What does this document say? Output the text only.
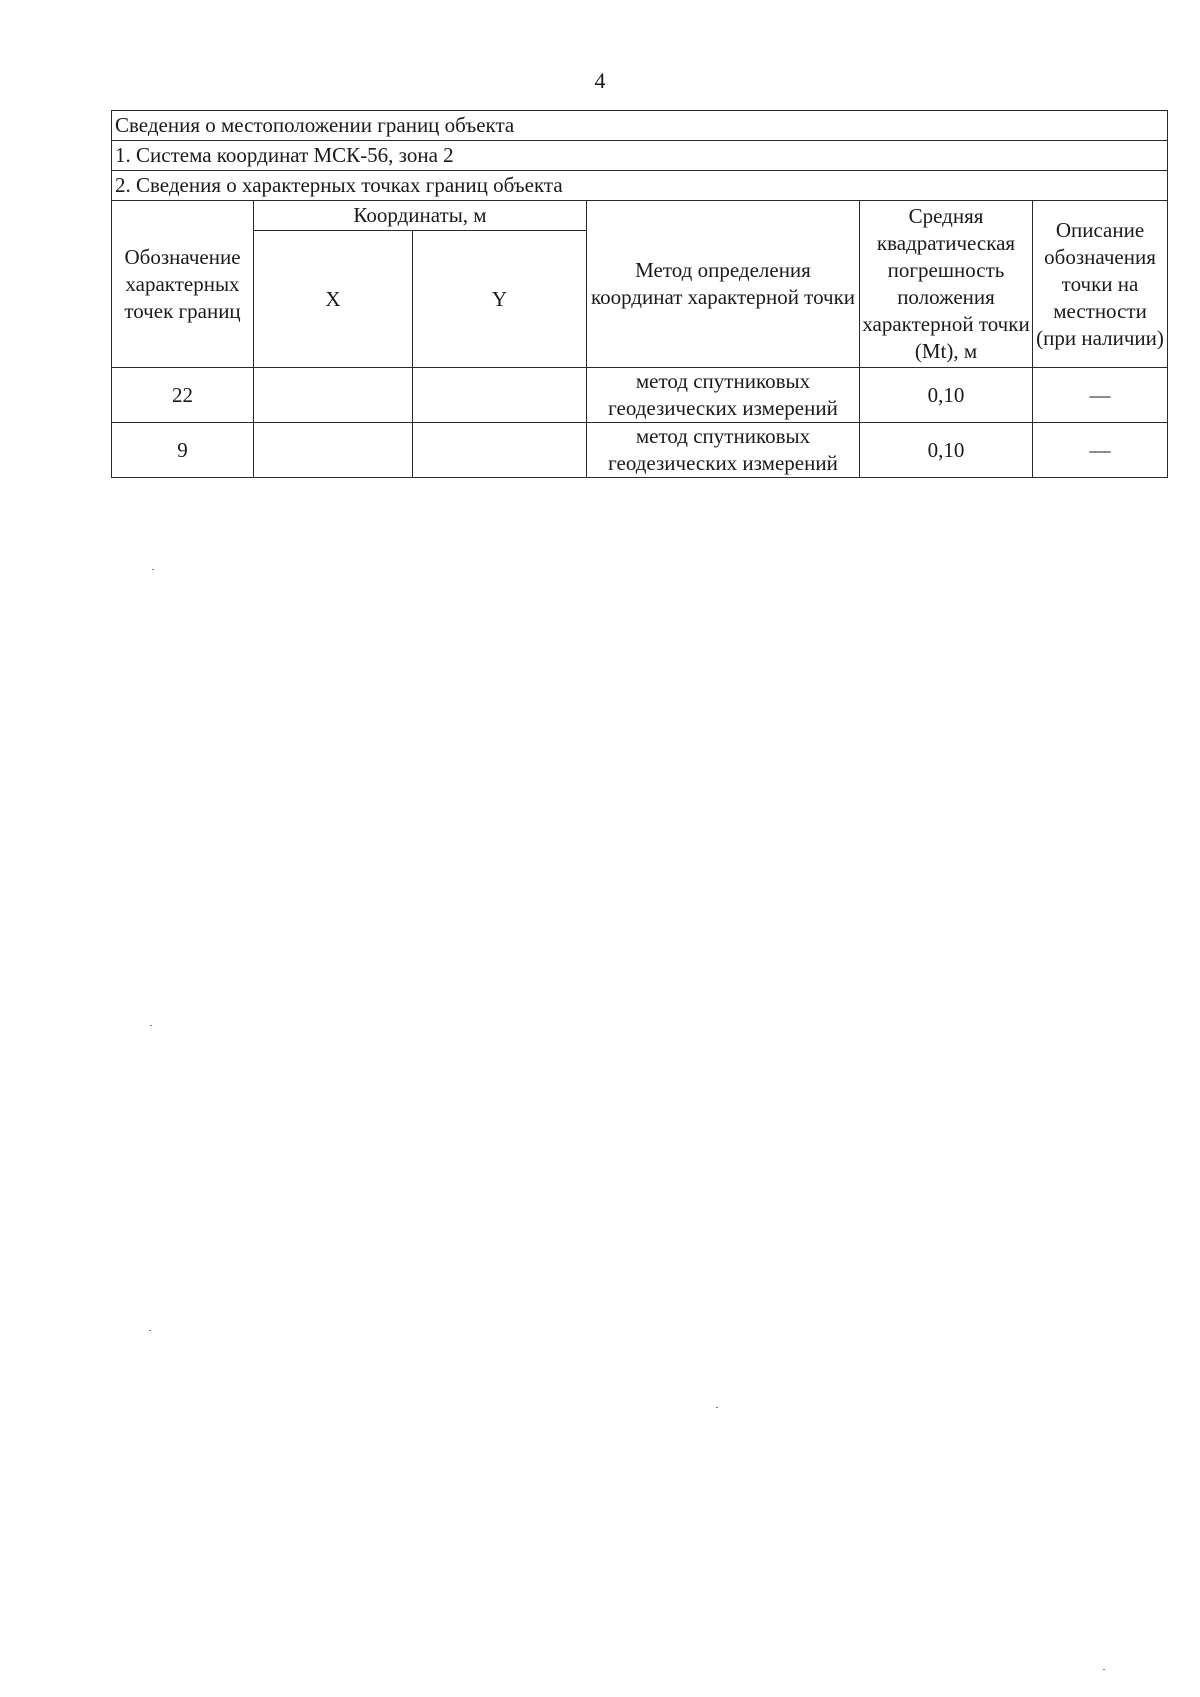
4
Сведения о местоположении границ объекта					
1. Система координат МСК-56, зона 2					
2. Сведения о характерных точках границ объекта					
Обозначение характерных точек границ	Координаты, м		Метод определения координат характерной точки	Средняя квадратическая погрешность положения характерной точки (Mt), м	Описание обозначения точки на местности (при наличии)
	X	Y			
22			метод спутниковых геодезических измерений	0,10	—
9			метод спутниковых геодезических измерений	0,10	—
